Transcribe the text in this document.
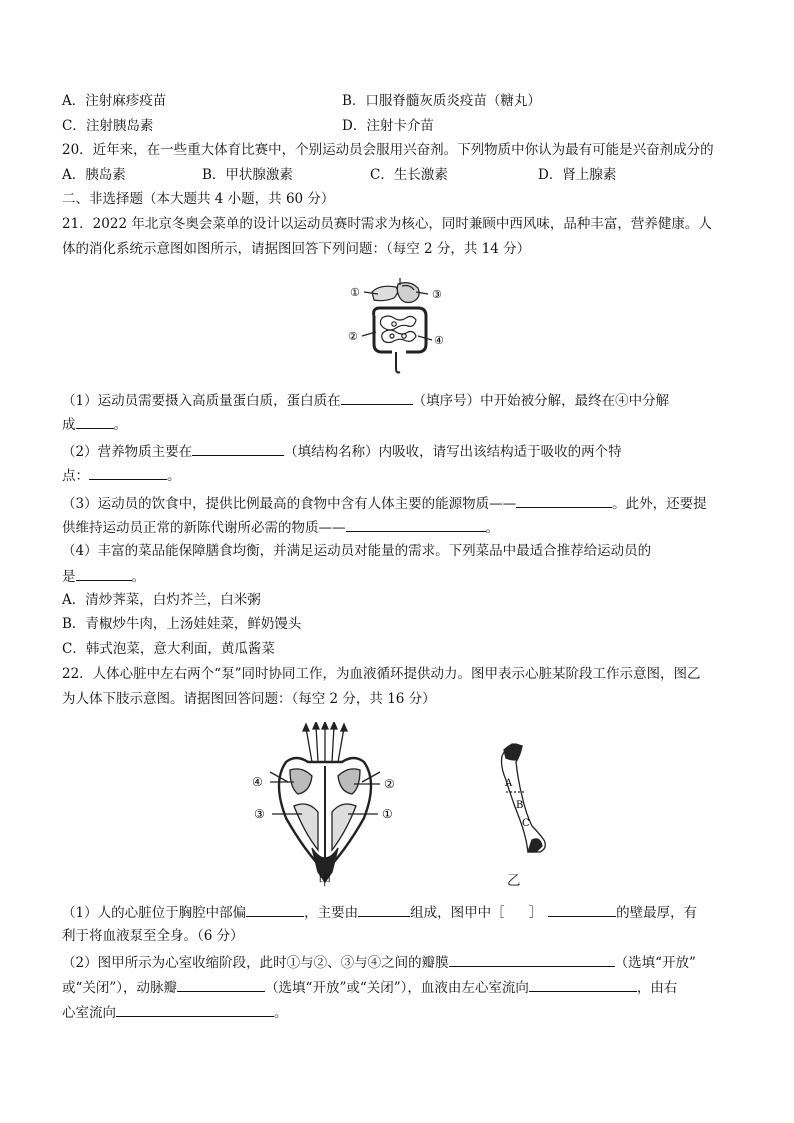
A．注射麻疹疫苗	B．口服脊髓灰质炎疫苗（糖丸）
C．注射胰岛素	D．注射卡介苗
20．近年来，在一些重大体育比赛中，个别运动员会服用兴奋剂。下列物质中你认为最有可能是兴奋剂成分的
A．胰岛素	B．甲状腺激素	C．生长激素	D．肾上腺素
二、非选择题（本大题共 4 小题，共 60 分）
21．2022 年北京冬奥会菜单的设计以运动员赛时需求为核心，同时兼顾中西风味，品种丰富，营养健康。人
体的消化系统示意图如图所示，请据图回答下列问题：（每空 2 分，共 14 分）
①	③
②	④
（1）运动员需要摄入高质量蛋白质，蛋白质在	（填序号）中开始被分解，最终在④中分解
成	。
（2）营养物质主要在	（填结构名称）内吸收，请写出该结构适于吸收的两个特
点：	。
（3）运动员的饮食中，提供比例最高的食物中含有人体主要的能源物质——	。此外，还要提
供维持运动员正常的新陈代谢所必需的物质——	。
（4）丰富的菜品能保障膳食均衡，并满足运动员对能量的需求。下列菜品中最适合推荐给运动员的
是	。
A．清炒荠菜，白灼芥兰，白米粥
B．青椒炒牛肉，上汤娃娃菜，鲜奶馒头
C．韩式泡菜，意大利面，黄瓜酱菜
22．人体心脏中左右两个“泵”同时协同工作，为血液循环提供动力。图甲表示心脏某阶段工作示意图，图乙
为人体下肢示意图。请据图回答问题：（每空 2 分，共 16 分）
④	②
③	①
甲
A
B
C
乙
（1）人的心脏位于胸腔中部偏	，主要由	组成，图甲中［ ］	的壁最厚，有
利于将血液泵至全身。（6 分）
（2）图甲所示为心室收缩阶段，此时①与②、③与④之间的瓣膜	（选填“开放”
或“关闭”），动脉瓣	（选填“开放”或“关闭”），血液由左心室流向	，由右
心室流向	。
